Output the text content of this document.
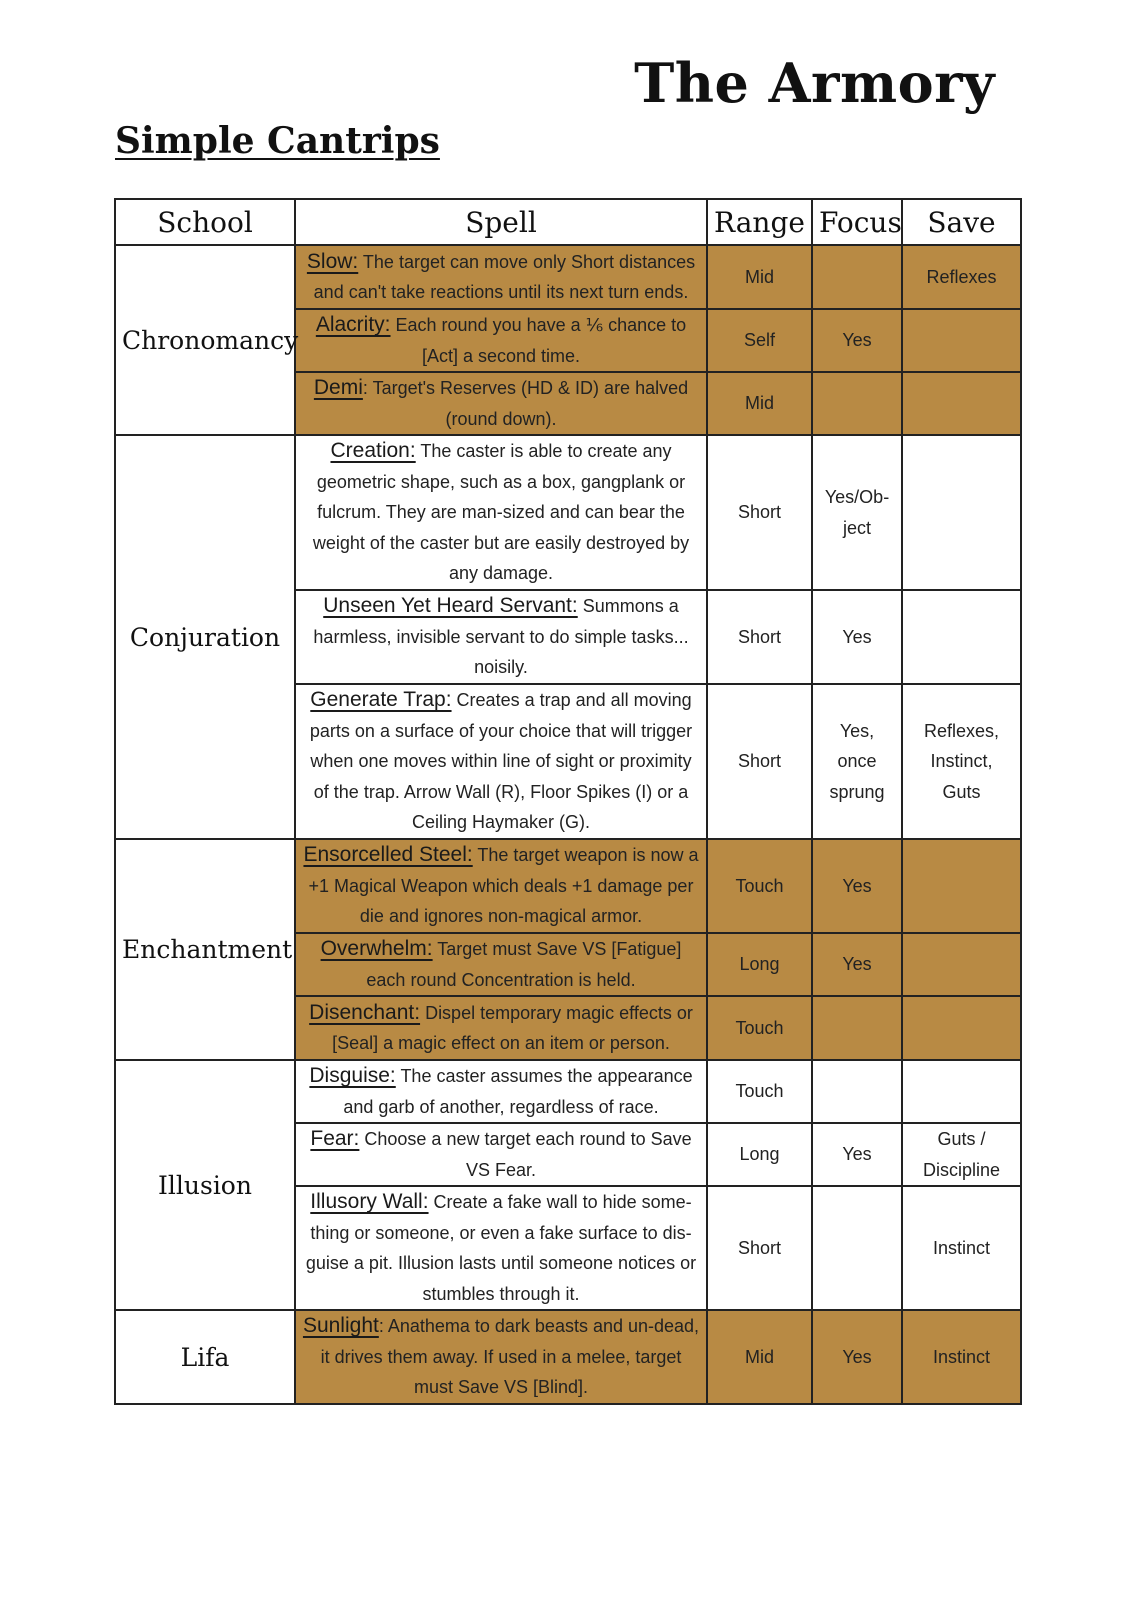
The Armory
Simple Cantrips
School	Spell	Range	Focus	Save
Chronomancy	Slow: The target can move only Short distances and can't take reactions until its next turn ends.	Mid		Reflexes
	Alacrity: Each round you have a ⅙ chance to [Act] a second time.	Self	Yes	
	Demi: Target's Reserves (HD & ID) are halved (round down).	Mid		
Conjuration	Creation: The caster is able to create any geometric shape, such as a box, gangplank or fulcrum. They are man-sized and can bear the weight of the caster but are easily destroyed by any damage.	Short	Yes/Ob-ject	
	Unseen Yet Heard Servant: Summons a harmless, invisible servant to do simple tasks... noisily.	Short	Yes	
	Generate Trap: Creates a trap and all moving parts on a surface of your choice that will trigger when one moves within line of sight or proximity of the trap. Arrow Wall (R), Floor Spikes (I) or a Ceiling Haymaker (G).	Short	Yes, once sprung	Reflexes, Instinct, Guts
Enchantment	Ensorcelled Steel: The target weapon is now a +1 Magical Weapon which deals +1 damage per die and ignores non-magical armor.	Touch	Yes	
	Overwhelm: Target must Save VS [Fatigue] each round Concentration is held.	Long	Yes	
	Disenchant: Dispel temporary magic effects or [Seal] a magic effect on an item or person.	Touch		
Illusion	Disguise: The caster assumes the appearance and garb of another, regardless of race.	Touch		
	Fear: Choose a new target each round to Save VS Fear.	Long	Yes	Guts / Discipline
	Illusory Wall: Create a fake wall to hide some-thing or someone, or even a fake surface to dis-guise a pit. Illusion lasts until someone notices or stumbles through it.	Short		Instinct
Lifa	Sunlight: Anathema to dark beasts and un-dead, it drives them away. If used in a melee, target must Save VS [Blind].	Mid	Yes	Instinct
